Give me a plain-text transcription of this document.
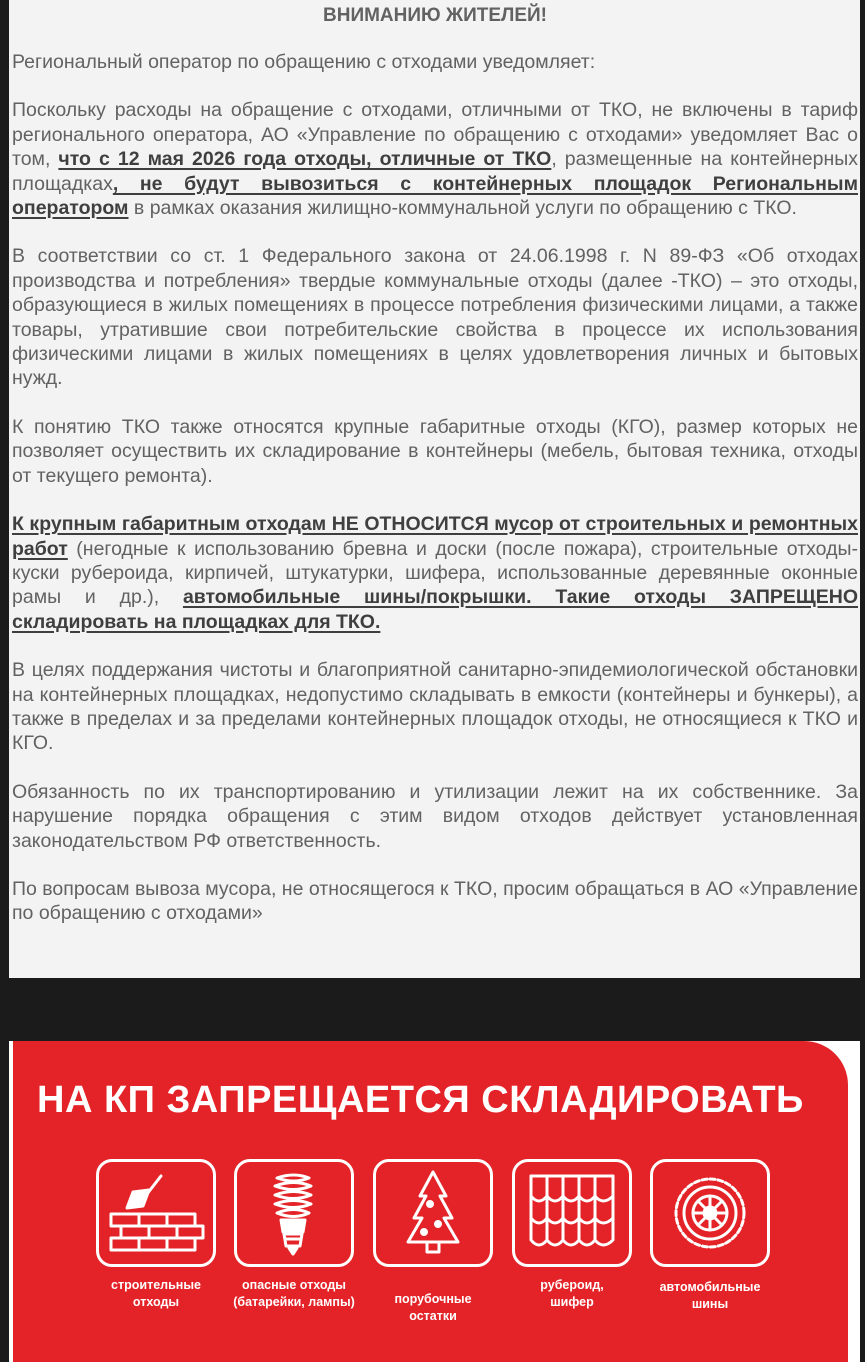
ВНИМАНИЮ ЖИТЕЛЕЙ!

Региональный оператор по обращению с отходами уведомляет:

Поскольку расходы на обращение с отходами, отличными от ТКО, не включены в тариф регионального оператора, АО «Управление по обращению с отходами» уведомляет Вас о том, что с 12 мая 2026 года отходы, отличные от ТКО, размещенные на контейнерных площадках, не будут вывозиться с контейнерных площадок Региональным оператором в рамках оказания жилищно-коммунальной услуги по обращению с ТКО.

В соответствии со ст. 1 Федерального закона от 24.06.1998 г. N 89-ФЗ «Об отходах производства и потребления» твердые коммунальные отходы (далее -ТКО) – это отходы, образующиеся в жилых помещениях в процессе потребления физическими лицами, а также товары, утратившие свои потребительские свойства в процессе их использования физическими лицами в жилых помещениях в целях удовлетворения личных и бытовых нужд.

К понятию ТКО также относятся крупные габаритные отходы (КГО), размер которых не позволяет осуществить их складирование в контейнеры (мебель, бытовая техника, отходы от текущего ремонта).

К крупным габаритным отходам НЕ ОТНОСИТСЯ мусор от строительных и ремонтных работ (негодные к использованию бревна и доски (после пожара), строительные отходы-куски рубероида, кирпичей, штукатурки, шифера, использованные деревянные оконные рамы и др.), автомобильные шины/покрышки. Такие отходы ЗАПРЕЩЕНО складировать на площадках для ТКО.

В целях поддержания чистоты и благоприятной санитарно-эпидемиологической обстановки на контейнерных площадках, недопустимо складывать в емкости (контейнеры и бункеры), а также в пределах и за пределами контейнерных площадок отходы, не относящиеся к ТКО и КГО.

Обязанность по их транспортированию и утилизации лежит на их собственнике. За нарушение порядка обращения с этим видом отходов действует установленная законодательством РФ ответственность.

По вопросам вывоза мусора, не относящегося к ТКО, просим обращаться в АО «Управление по обращению с отходами»

НА КП ЗАПРЕЩАЕТСЯ СКЛАДИРОВАТЬ
строительные
отходы
опасные отходы
(батарейки, лампы)	порубочные
остатки
рубероид,
шифер
автомобильные
шины
